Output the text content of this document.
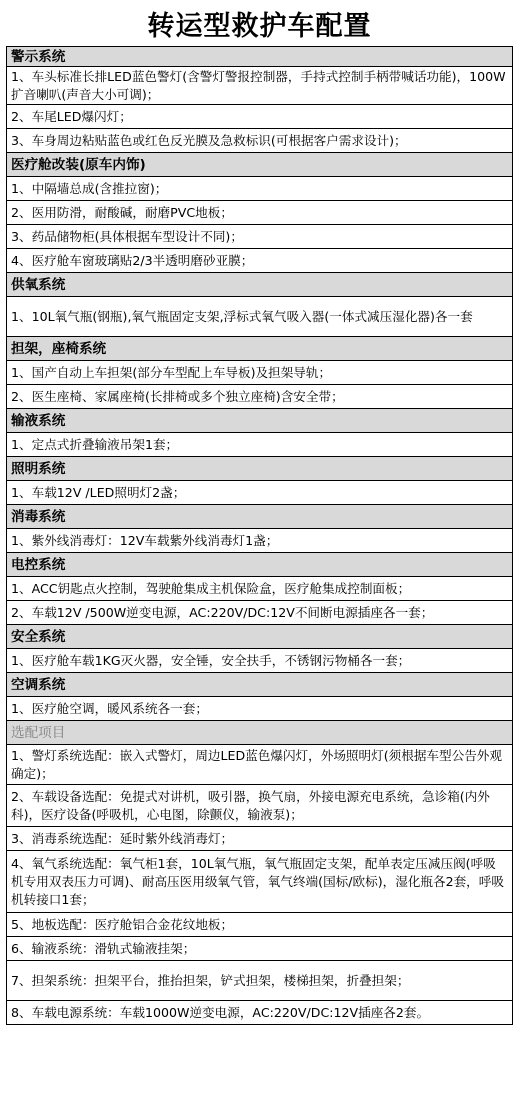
转运型救护车配置
警示系统
1、车头标准长排LED蓝色警灯(含警灯警报控制器，手持式控制手柄带喊话功能)，100W扩音喇叭(声音大小可调)；
2、车尾LED爆闪灯；
3、车身周边粘贴蓝色或红色反光膜及急救标识(可根据客户需求设计)；
医疗舱改装(原车内饰)
1、中隔墙总成(含推拉窗)；
2、医用防滑，耐酸碱，耐磨PVC地板；
3、药品储物柜(具体根据车型设计不同)；
4、医疗舱车窗玻璃贴2/3半透明磨砂亚膜；
供氧系统
1、10L氧气瓶(钢瓶),氧气瓶固定支架,浮标式氧气吸入器(一体式减压湿化器)各一套
担架，座椅系统
1、国产自动上车担架(部分车型配上车导板)及担架导轨；
2、医生座椅、家属座椅(长排椅或多个独立座椅)含安全带；
输液系统
1、定点式折叠输液吊架1套；
照明系统
1、车载12V /LED照明灯2盏；
消毒系统
1、紫外线消毒灯：12V车载紫外线消毒灯1盏；
电控系统
1、ACC钥匙点火控制，驾驶舱集成主机保险盒，医疗舱集成控制面板；
2、车载12V /500W逆变电源，AC:220V/DC:12V不间断电源插座各一套；
安全系统
1、医疗舱车载1KG灭火器，安全锤，安全扶手，不锈钢污物桶各一套；
空调系统
1、医疗舱空调，暖风系统各一套；
选配项目
1、警灯系统选配：嵌入式警灯，周边LED蓝色爆闪灯，外场照明灯(须根据车型公告外观确定)；
2、车载设备选配：免提式对讲机，吸引器，换气扇，外接电源充电系统，急诊箱(内外科)，医疗设备(呼吸机，心电图，除颤仪，输液泵)；
3、消毒系统选配：延时紫外线消毒灯；
4、氧气系统选配：氧气柜1套，10L氧气瓶，氧气瓶固定支架，配单表定压减压阀(呼吸机专用双表压力可调)、耐高压医用级氧气管，氧气终端(国标/欧标)，湿化瓶各2套，呼吸机转接口1套；
5、地板选配：医疗舱铝合金花纹地板；
6、输液系统：滑轨式输液挂架；
7、担架系统：担架平台，推抬担架，铲式担架，楼梯担架，折叠担架；
8、车载电源系统：车载1000W逆变电源，AC:220V/DC:12V插座各2套。
